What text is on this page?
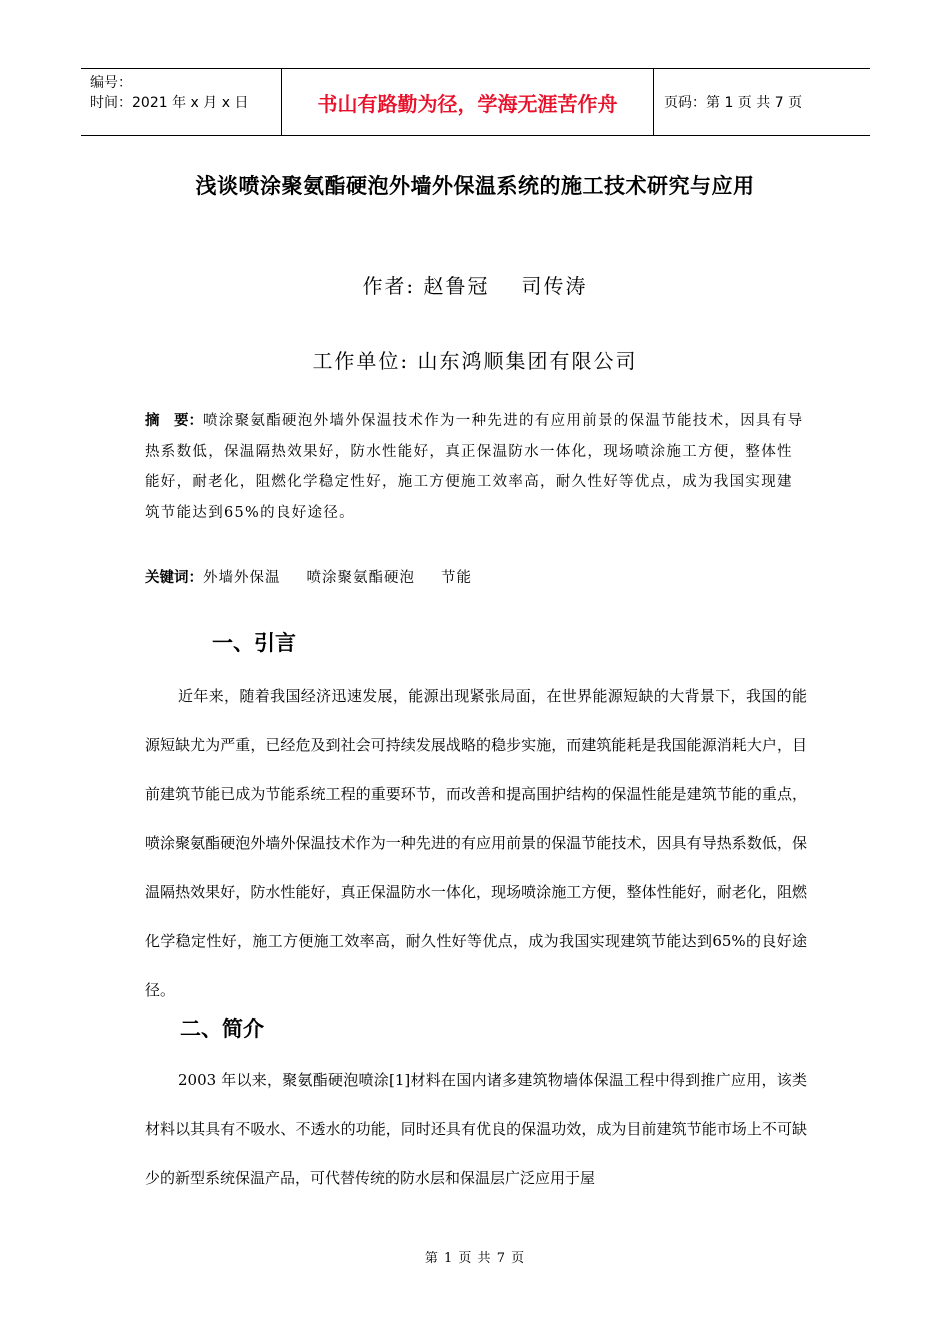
编号：
时间：2021 年 x 月 x 日	书山有路勤为径，学海无涯苦作舟	页码：第 1 页 共 7 页
浅谈喷涂聚氨酯硬泡外墙外保温系统的施工技术研究与应用
作者: 赵鲁冠 司传涛
工作单位: 山东鸿顺集团有限公司
摘　要：喷涂聚氨酯硬泡外墙外保温技术作为一种先进的有应用前景的保温节能技术，因具有导热系数低，保温隔热效果好，防水性能好，真正保温防水一体化，现场喷涂施工方便，整体性能好，耐老化，阻燃化学稳定性好，施工方便施工效率高，耐久性好等优点，成为我国实现建筑节能达到65%的良好途径。
关键词：外墙外保温 喷涂聚氨酯硬泡 节能
一、引言
近年来，随着我国经济迅速发展，能源出现紧张局面，在世界能源短缺的大背景下，我国的能源短缺尤为严重，已经危及到社会可持续发展战略的稳步实施，而建筑能耗是我国能源消耗大户，目前建筑节能已成为节能系统工程的重要环节，而改善和提高围护结构的保温性能是建筑节能的重点，喷涂聚氨酯硬泡外墙外保温技术作为一种先进的有应用前景的保温节能技术，因具有导热系数低，保温隔热效果好，防水性能好，真正保温防水一体化，现场喷涂施工方便，整体性能好，耐老化，阻燃化学稳定性好，施工方便施工效率高，耐久性好等优点，成为我国实现建筑节能达到65%的良好途径。
二、简介
2003 年以来，聚氨酯硬泡喷涂[1]材料在国内诸多建筑物墙体保温工程中得到推广应用，该类材料以其具有不吸水、不透水的功能，同时还具有优良的保温功效，成为目前建筑节能市场上不可缺少的新型系统保温产品，可代替传统的防水层和保温层广泛应用于屋
第 1 页 共 7 页
